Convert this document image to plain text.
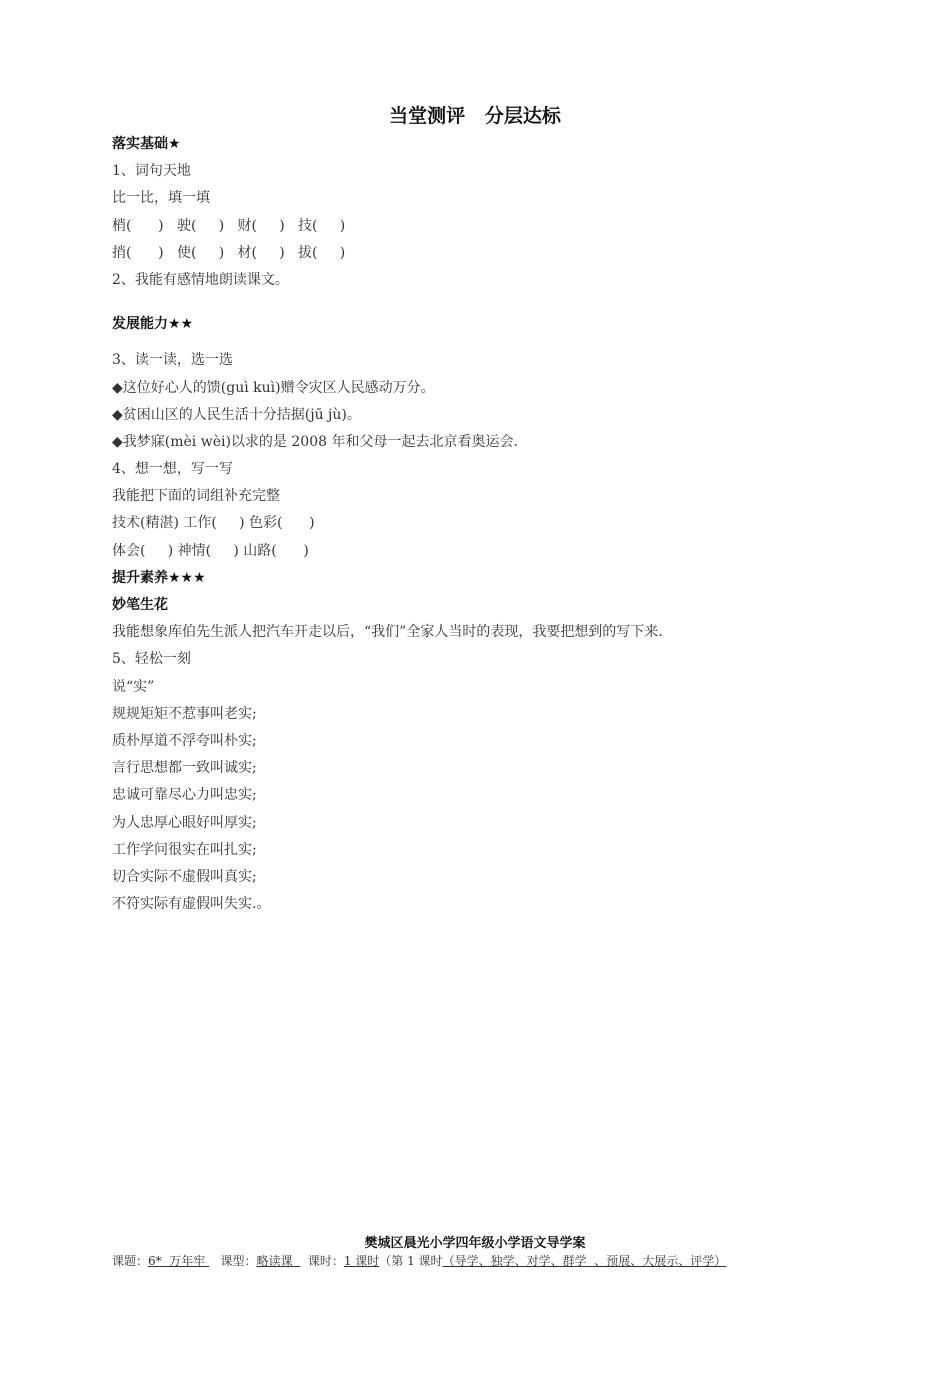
当堂测评   分层达标
落实基础★
1、词句天地
比一比，填一填
梢(      )   驶(     )   财(     )   技(     )
捎(      )   使(     )   材(     )   拔(     )
2、我能有感情地朗读课文。
发展能力★★
3、读一读，选一选
◆这位好心人的馈(guì kuì)赠令灾区人民感动万分。
◆贫困山区的人民生活十分拮据(jū jù)。
◆我梦寐(mèi wèi)以求的是 2008 年和父母一起去北京看奥运会.
4、想一想，写一写
我能把下面的词组补充完整
技术(精湛) 工作(     ) 色彩(      )
体会(     ) 神情(     ) 山路(      )
提升素养★★★
妙笔生花
我能想象库伯先生派人把汽车开走以后，“我们”全家人当时的表现，我要把想到的写下来.
5、轻松一刻
说“实”
规规矩矩不惹事叫老实;
质朴厚道不浮夸叫朴实;
言行思想都一致叫诚实;
忠诚可靠尽心力叫忠实;
为人忠厚心眼好叫厚实;
工作学问很实在叫扎实;
切合实际不虚假叫真实;
不符实际有虚假叫失实.。
樊城区晨光小学四年级小学语文导学案
课题：6*  万年牢    课型：略读课    课时：1 课时（第 1 课时（导学、独学、对学、群学  、预展、大展示、评学）
